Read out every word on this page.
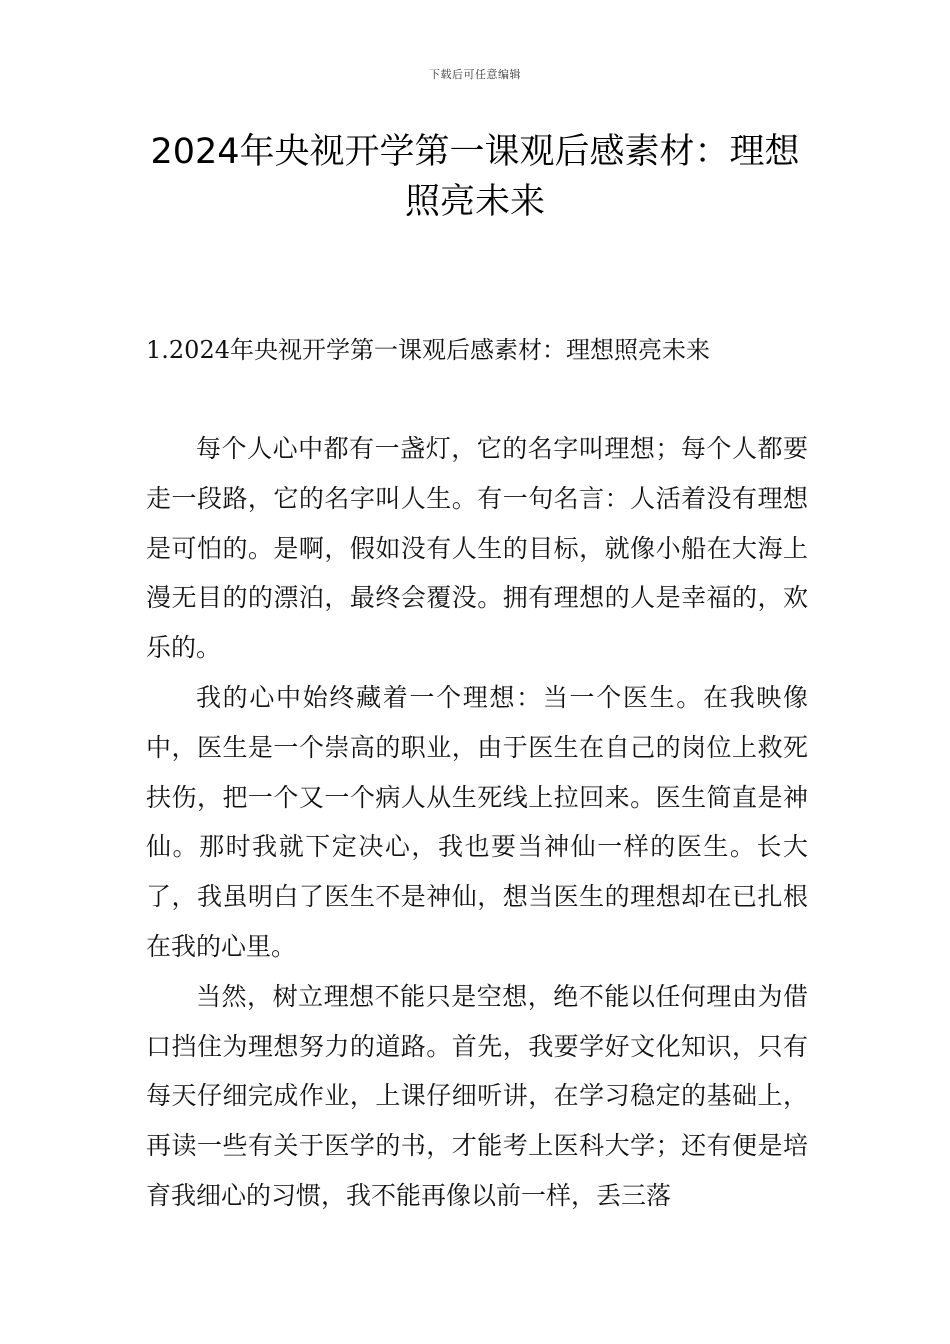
下载后可任意编辑
2024年央视开学第一课观后感素材：理想照亮未来
1.2024年央视开学第一课观后感素材：理想照亮未来

每个人心中都有一盏灯，它的名字叫理想；每个人都要走一段路，它的名字叫人生。有一句名言：人活着没有理想是可怕的。是啊，假如没有人生的目标，就像小船在大海上漫无目的的漂泊，最终会覆没。拥有理想的人是幸福的，欢乐的。

我的心中始终藏着一个理想：当一个医生。在我映像中，医生是一个崇高的职业，由于医生在自己的岗位上救死扶伤，把一个又一个病人从生死线上拉回来。医生简直是神仙。那时我就下定决心，我也要当神仙一样的医生。长大了，我虽明白了医生不是神仙，想当医生的理想却在已扎根在我的心里。

当然，树立理想不能只是空想，绝不能以任何理由为借口挡住为理想努力的道路。首先，我要学好文化知识，只有每天仔细完成作业，上课仔细听讲，在学习稳定的基础上，再读一些有关于医学的书，才能考上医科大学；还有便是培育我细心的习惯，我不能再像以前一样，丢三落
